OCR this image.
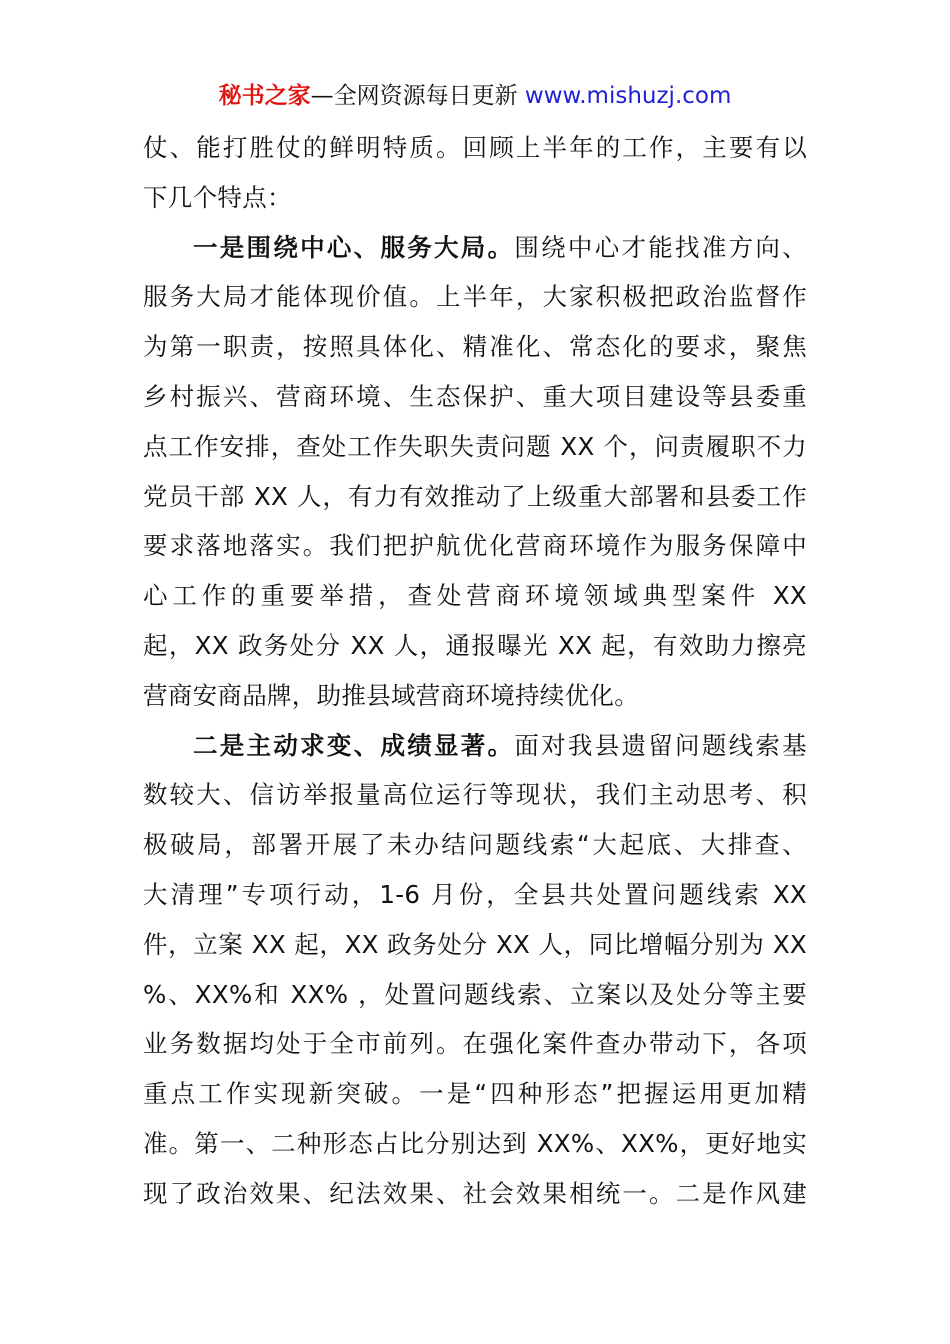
秘书之家—全网资源每日更新 www.mishuzj.com
仗、能打胜仗的鲜明特质。回顾上半年的工作，主要有以
下几个特点：
一是围绕中心、服务大局。围绕中心才能找准方向、
服务大局才能体现价值。上半年，大家积极把政治监督作
为第一职责，按照具体化、精准化、常态化的要求，聚焦
乡村振兴、营商环境、生态保护、重大项目建设等县委重
点工作安排，查处工作失职失责问题 XX 个，问责履职不力
党员干部 XX 人，有力有效推动了上级重大部署和县委工作
要求落地落实。我们把护航优化营商环境作为服务保障中
心工作的重要举措，查处营商环境领域典型案件 XX
起，XX 政务处分 XX 人，通报曝光 XX 起，有效助力擦亮
营商安商品牌，助推县域营商环境持续优化。
二是主动求变、成绩显著。面对我县遗留问题线索基
数较大、信访举报量高位运行等现状，我们主动思考、积
极破局，部署开展了未办结问题线索“大起底、大排查、
大清理”专项行动，1-6 月份，全县共处置问题线索 XX
件，立案 XX 起，XX 政务处分 XX 人，同比增幅分别为 XX
%、XX%和 XX% ，处置问题线索、立案以及处分等主要
业务数据均处于全市前列。在强化案件查办带动下，各项
重点工作实现新突破。一是“四种形态”把握运用更加精
准。第一、二种形态占比分别达到 XX%、XX%，更好地实
现了政治效果、纪法效果、社会效果相统一。二是作风建
